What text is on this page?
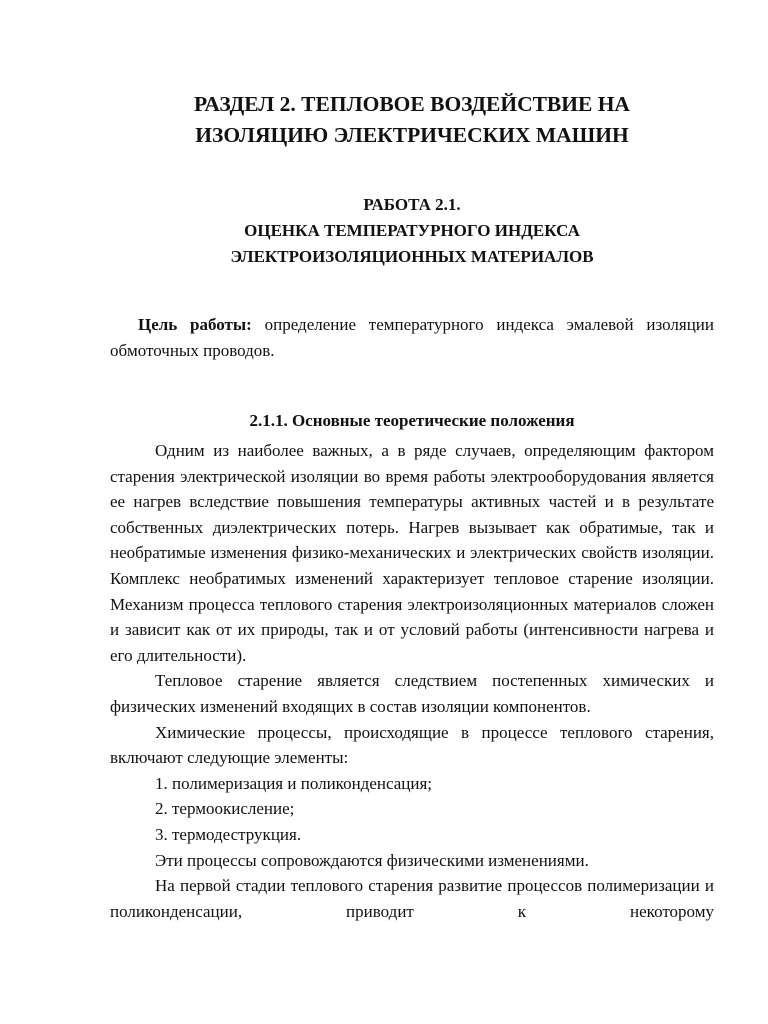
РАЗДЕЛ 2. ТЕПЛОВОЕ ВОЗДЕЙСТВИЕ НА
ИЗОЛЯЦИЮ ЭЛЕКТРИЧЕСКИХ МАШИН
РАБОТА 2.1.
ОЦЕНКА ТЕМПЕРАТУРНОГО ИНДЕКСА
ЭЛЕКТРОИЗОЛЯЦИОННЫХ МАТЕРИАЛОВ

Цель работы: определение температурного индекса эмалевой изоляции обмоточных проводов.

2.1.1. Основные теоретические положения

Одним из наиболее важных, а в ряде случаев, определяющим фактором старения электрической изоляции во время работы электрооборудования является ее нагрев вследствие повышения температуры активных частей и в результате собственных диэлектрических потерь. Нагрев вызывает как обратимые, так и необратимые изменения физико-механических и электрических свойств изоляции. Комплекс необратимых изменений характеризует тепловое старение изоляции. Механизм процесса теплового старения электроизоляционных материалов сложен и зависит как от их природы, так и от условий работы (интенсивности нагрева и его длительности).

Тепловое старение является следствием постепенных химических и физических изменений входящих в состав изоляции компонентов.

Химические процессы, происходящие в процессе теплового старения, включают следующие элементы:

1. полимеризация и поликонденсация;

2. термоокисление;

3. термодеструкция.

Эти процессы сопровождаются физическими изменениями.

На первой стадии теплового старения развитие процессов полимеризации и поликонденсации, приводит к некоторому
